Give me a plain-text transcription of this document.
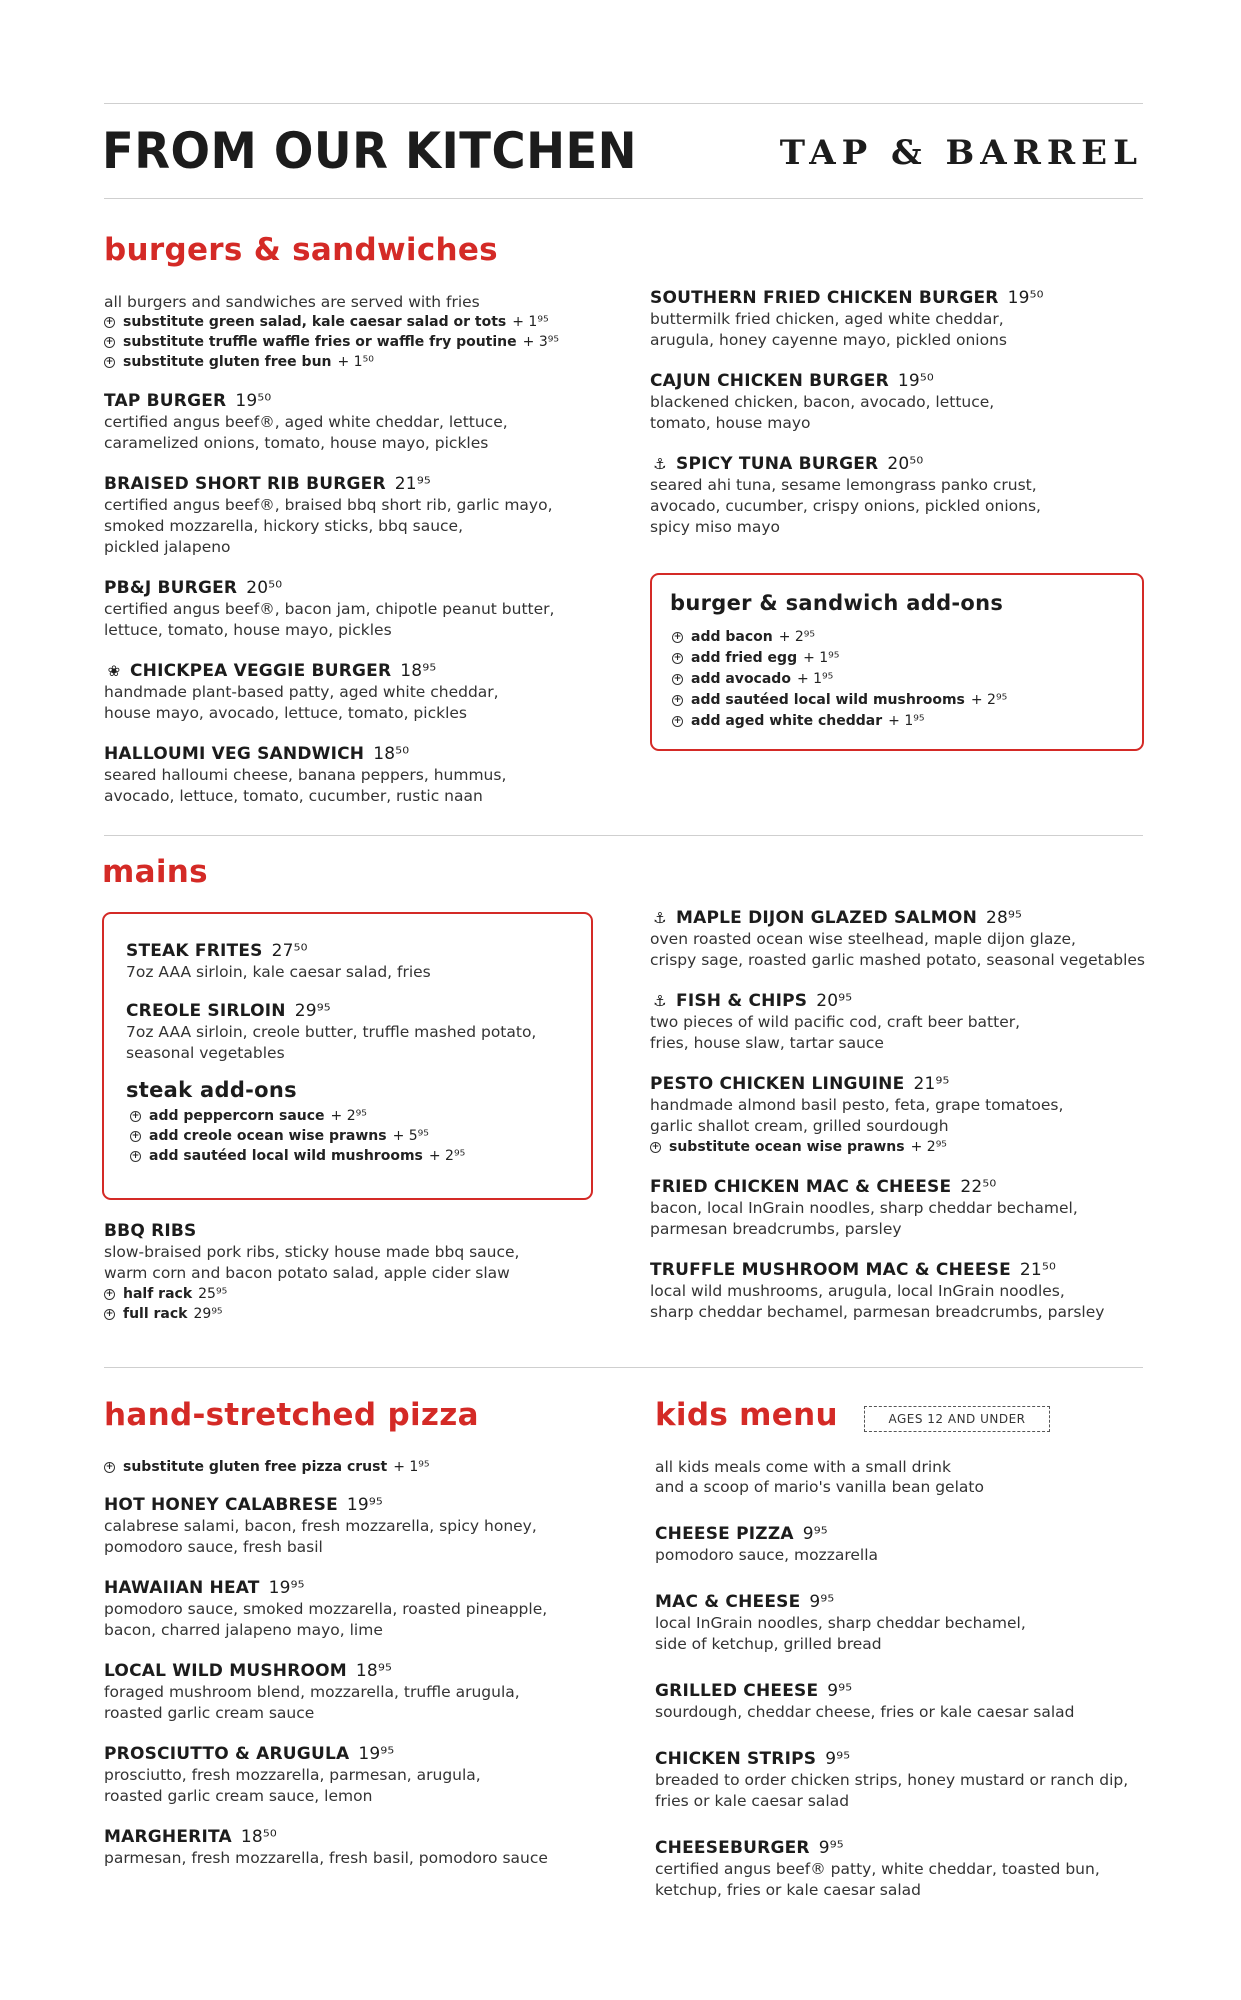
FROM OUR KITCHEN	TAP & BARREL
burgers & sandwiches
all burgers and sandwiches are served with fries
+ substitute green salad, kale caesar salad or tots + 1⁹⁵
+ substitute truffle waffle fries or waffle fry poutine + 3⁹⁵
+ substitute gluten free bun + 1⁵⁰
TAP BURGER 19⁵⁰
certified angus beef®, aged white cheddar, lettuce,
caramelized onions, tomato, house mayo, pickles
BRAISED SHORT RIB BURGER 21⁹⁵
certified angus beef®, braised bbq short rib, garlic mayo,
smoked mozzarella, hickory sticks, bbq sauce,
pickled jalapeno
PB&J BURGER 20⁵⁰
certified angus beef®, bacon jam, chipotle peanut butter,
lettuce, tomato, house mayo, pickles
❀ CHICKPEA VEGGIE BURGER 18⁹⁵
handmade plant-based patty, aged white cheddar,
house mayo, avocado, lettuce, tomato, pickles
HALLOUMI VEG SANDWICH 18⁵⁰
seared halloumi cheese, banana peppers, hummus,
avocado, lettuce, tomato, cucumber, rustic naan
SOUTHERN FRIED CHICKEN BURGER 19⁵⁰
buttermilk fried chicken, aged white cheddar,
arugula, honey cayenne mayo, pickled onions
CAJUN CHICKEN BURGER 19⁵⁰
blackened chicken, bacon, avocado, lettuce,
tomato, house mayo
⚓ SPICY TUNA BURGER 20⁵⁰
seared ahi tuna, sesame lemongrass panko crust,
avocado, cucumber, crispy onions, pickled onions,
spicy miso mayo
burger & sandwich add-ons
+ add bacon + 2⁹⁵
+ add fried egg + 1⁹⁵
+ add avocado + 1⁹⁵
+ add sautéed local wild mushrooms + 2⁹⁵
+ add aged white cheddar + 1⁹⁵
mains
STEAK FRITES 27⁵⁰
7oz AAA sirloin, kale caesar salad, fries
CREOLE SIRLOIN 29⁹⁵
7oz AAA sirloin, creole butter, truffle mashed potato,
seasonal vegetables
steak add-ons
+ add peppercorn sauce + 2⁹⁵
+ add creole ocean wise prawns + 5⁹⁵
+ add sautéed local wild mushrooms + 2⁹⁵
BBQ RIBS
slow-braised pork ribs, sticky house made bbq sauce,
warm corn and bacon potato salad, apple cider slaw
+ half rack 25⁹⁵
+ full rack 29⁹⁵
⚓ MAPLE DIJON GLAZED SALMON 28⁹⁵
oven roasted ocean wise steelhead, maple dijon glaze,
crispy sage, roasted garlic mashed potato, seasonal vegetables
⚓ FISH & CHIPS 20⁹⁵
two pieces of wild pacific cod, craft beer batter,
fries, house slaw, tartar sauce
PESTO CHICKEN LINGUINE 21⁹⁵
handmade almond basil pesto, feta, grape tomatoes,
garlic shallot cream, grilled sourdough
+ substitute ocean wise prawns + 2⁹⁵
FRIED CHICKEN MAC & CHEESE 22⁵⁰
bacon, local InGrain noodles, sharp cheddar bechamel,
parmesan breadcrumbs, parsley
TRUFFLE MUSHROOM MAC & CHEESE 21⁵⁰
local wild mushrooms, arugula, local InGrain noodles,
sharp cheddar bechamel, parmesan breadcrumbs, parsley
hand-stretched pizza
+ substitute gluten free pizza crust + 1⁹⁵
HOT HONEY CALABRESE 19⁹⁵
calabrese salami, bacon, fresh mozzarella, spicy honey,
pomodoro sauce, fresh basil
HAWAIIAN HEAT 19⁹⁵
pomodoro sauce, smoked mozzarella, roasted pineapple,
bacon, charred jalapeno mayo, lime
LOCAL WILD MUSHROOM 18⁹⁵
foraged mushroom blend, mozzarella, truffle arugula,
roasted garlic cream sauce
PROSCIUTTO & ARUGULA 19⁹⁵
prosciutto, fresh mozzarella, parmesan, arugula,
roasted garlic cream sauce, lemon
MARGHERITA 18⁵⁰
parmesan, fresh mozzarella, fresh basil, pomodoro sauce
kids menu	AGES 12 AND UNDER
all kids meals come with a small drink
and a scoop of mario's vanilla bean gelato
CHEESE PIZZA 9⁹⁵
pomodoro sauce, mozzarella
MAC & CHEESE 9⁹⁵
local InGrain noodles, sharp cheddar bechamel,
side of ketchup, grilled bread
GRILLED CHEESE 9⁹⁵
sourdough, cheddar cheese, fries or kale caesar salad
CHICKEN STRIPS 9⁹⁵
breaded to order chicken strips, honey mustard or ranch dip,
fries or kale caesar salad
CHEESEBURGER 9⁹⁵
certified angus beef® patty, white cheddar, toasted bun,
ketchup, fries or kale caesar salad
